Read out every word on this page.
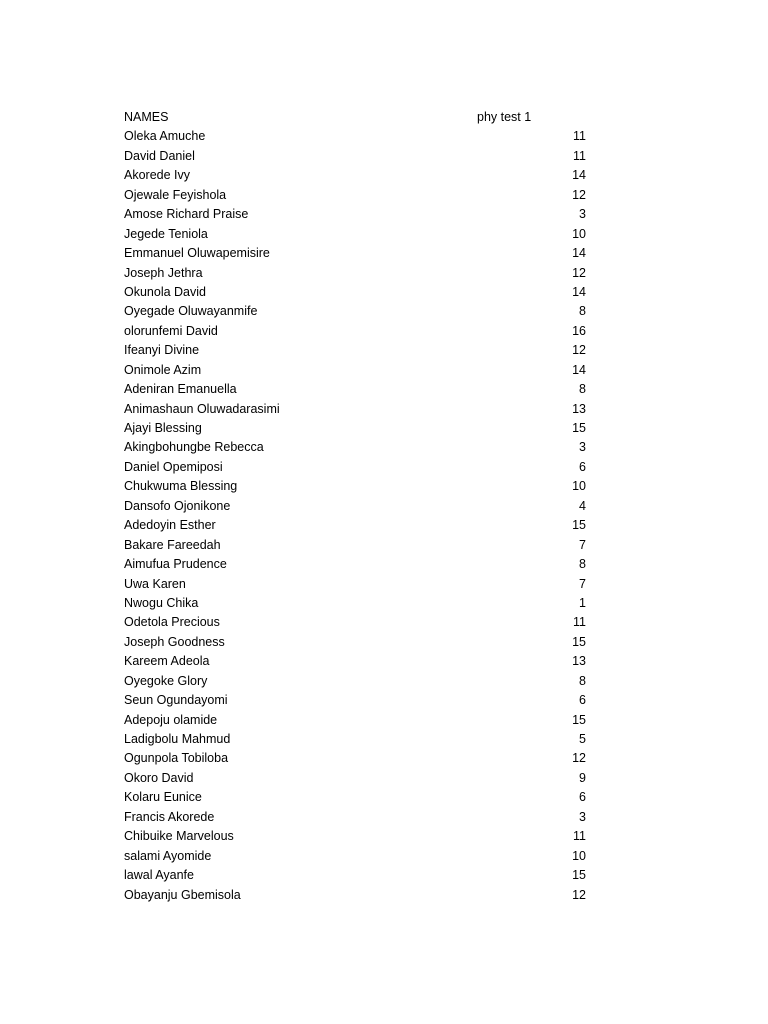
NAMES	phy test 1
Oleka Amuche	11
David Daniel	11
Akorede Ivy	14
Ojewale Feyishola	12
Amose Richard Praise	3
Jegede Teniola	10
Emmanuel Oluwapemisire	14
Joseph Jethra	12
Okunola David	14
Oyegade Oluwayanmife	8
olorunfemi David	16
Ifeanyi Divine	12
Onimole Azim	14
Adeniran Emanuella	8
Animashaun Oluwadarasimi	13
Ajayi Blessing	15
Akingbohungbe Rebecca	3
Daniel Opemiposi	6
Chukwuma Blessing	10
Dansofo Ojonikone	4
Adedoyin Esther	15
Bakare Fareedah	7
Aimufua Prudence	8
Uwa Karen	7
Nwogu Chika	1
Odetola Precious	11
Joseph Goodness	15
Kareem Adeola	13
Oyegoke Glory	8
Seun Ogundayomi	6
Adepoju olamide	15
Ladigbolu Mahmud	5
Ogunpola Tobiloba	12
Okoro David	9
Kolaru Eunice	6
Francis Akorede	3
Chibuike Marvelous	11
salami Ayomide	10
lawal Ayanfe	15
Obayanju Gbemisola	12
